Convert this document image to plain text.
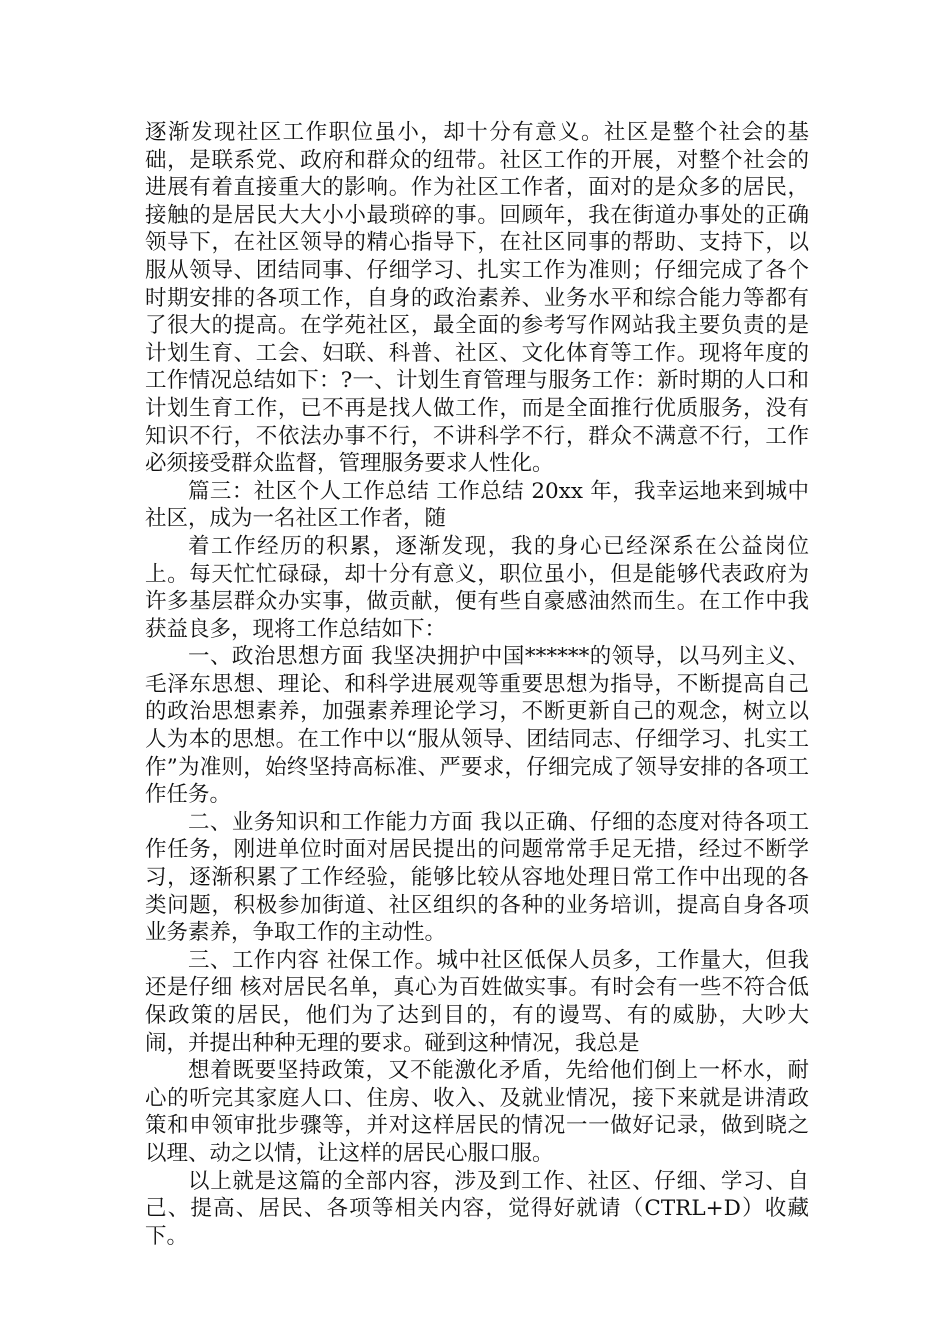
逐渐发现社区工作职位虽小，却十分有意义。社区是整个社会的基础，是联系党、政府和群众的纽带。社区工作的开展，对整个社会的进展有着直接重大的影响。作为社区工作者，面对的是众多的居民，接触的是居民大大小小最琐碎的事。回顾年，我在街道办事处的正确领导下，在社区领导的精心指导下，在社区同事的帮助、支持下，以服从领导、团结同事、仔细学习、扎实工作为准则；仔细完成了各个时期安排的各项工作，自身的政治素养、业务水平和综合能力等都有了很大的提高。在学苑社区，最全面的参考写作网站我主要负责的是计划生育、工会、妇联、科普、社区、文化体育等工作。现将年度的工作情况总结如下：?一、计划生育管理与服务工作：新时期的人口和计划生育工作，已不再是找人做工作，而是全面推行优质服务，没有知识不行，不依法办事不行，不讲科学不行，群众不满意不行，工作必须接受群众监督，管理服务要求人性化。

篇三：社区个人工作总结 工作总结 20xx 年，我幸运地来到城中社区，成为一名社区工作者，随

着工作经历的积累，逐渐发现，我的身心已经深系在公益岗位上。每天忙忙碌碌，却十分有意义，职位虽小，但是能够代表政府为许多基层群众办实事，做贡献，便有些自豪感油然而生。在工作中我获益良多，现将工作总结如下：

一、政治思想方面 我坚决拥护中国******的领导，以马列主义、毛泽东思想、理论、和科学进展观等重要思想为指导，不断提高自己的政治思想素养，加强素养理论学习，不断更新自己的观念，树立以人为本的思想。在工作中以“服从领导、团结同志、仔细学习、扎实工作”为准则，始终坚持高标准、严要求，仔细完成了领导安排的各项工作任务。

二、业务知识和工作能力方面 我以正确、仔细的态度对待各项工作任务，刚进单位时面对居民提出的问题常常手足无措，经过不断学习，逐渐积累了工作经验，能够比较从容地处理日常工作中出现的各类问题，积极参加街道、社区组织的各种的业务培训，提高自身各项业务素养，争取工作的主动性。

三、工作内容 社保工作。城中社区低保人员多，工作量大，但我还是仔细 核对居民名单，真心为百姓做实事。有时会有一些不符合低保政策的居民，他们为了达到目的，有的谩骂、有的威胁，大吵大闹，并提出种种无理的要求。碰到这种情况，我总是

想着既要坚持政策，又不能激化矛盾，先给他们倒上一杯水，耐心的听完其家庭人口、住房、收入、及就业情况，接下来就是讲清政策和申领审批步骤等，并对这样居民的情况一一做好记录，做到晓之以理、动之以情，让这样的居民心服口服。

以上就是这篇的全部内容，涉及到工作、社区、仔细、学习、自己、提高、居民、各项等相关内容，觉得好就请（CTRL+D）收藏下。
